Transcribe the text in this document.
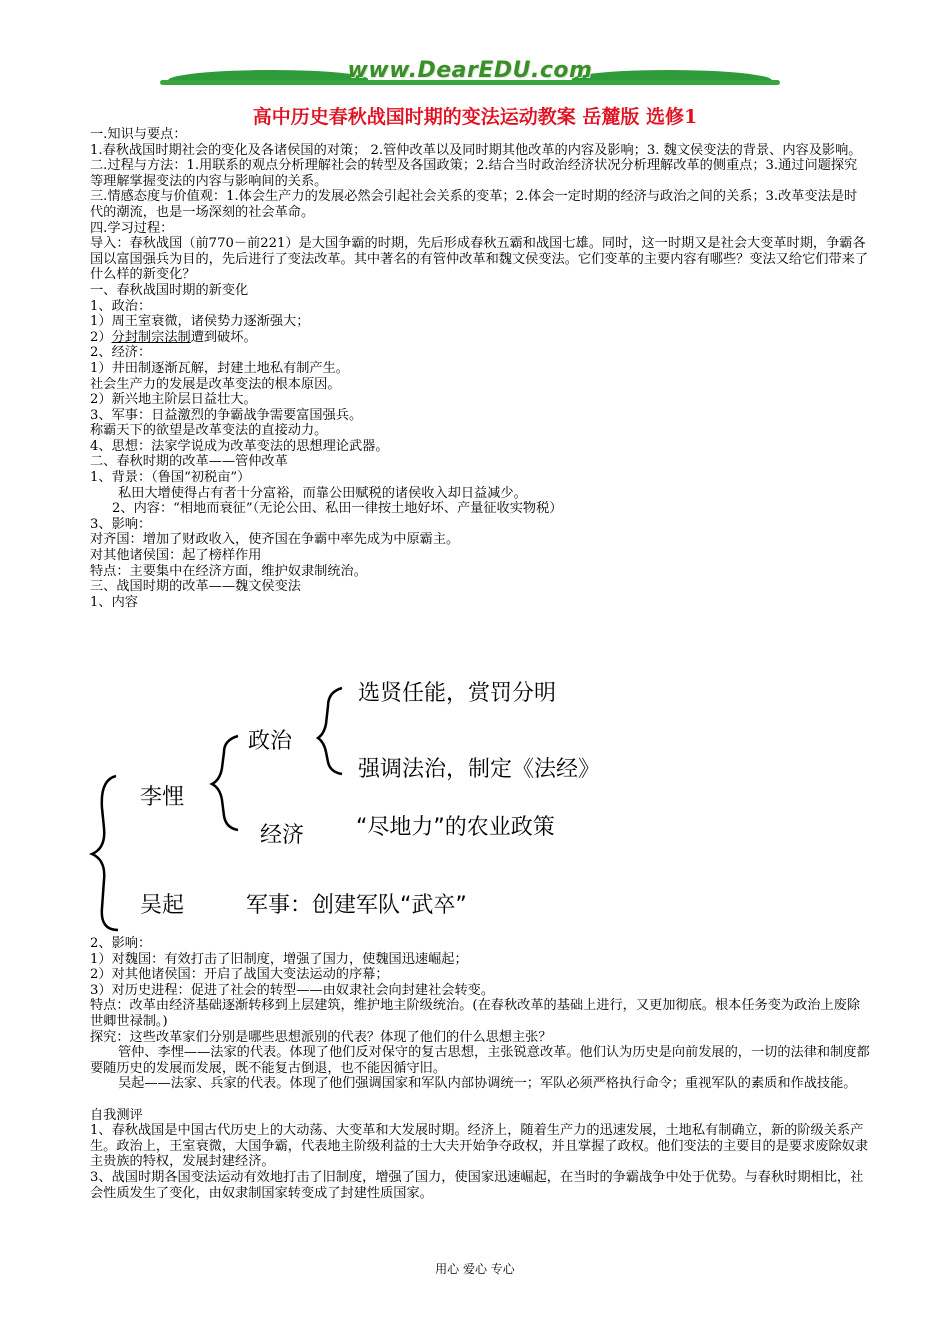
www.DearEDU.com
高中历史春秋战国时期的变法运动教案 岳麓版 选修1

一.知识与要点：

1.春秋战国时期社会的变化及各诸侯国的对策； 2.管仲改革以及同时期其他改革的内容及影响；3. 魏文侯变法的背景、内容及影响。

二.过程与方法：1.用联系的观点分析理解社会的转型及各国政策；2.结合当时政治经济状况分析理解改革的侧重点；3.通过问题探究等理解掌握变法的内容与影响间的关系。

三.情感态度与价值观：1.体会生产力的发展必然会引起社会关系的变革；2.体会一定时期的经济与政治之间的关系；3.改革变法是时代的潮流，也是一场深刻的社会革命。

四.学习过程：

导入：春秋战国（前770－前221）是大国争霸的时期，先后形成春秋五霸和战国七雄。同时，这一时期又是社会大变革时期，争霸各国以富国强兵为目的，先后进行了变法改革。其中著名的有管仲改革和魏文侯变法。它们变革的主要内容有哪些？变法又给它们带来了什么样的新变化？

一、春秋战国时期的新变化

1、政治：

1）周王室衰微，诸侯势力逐渐强大；

2）分封制宗法制遭到破坏。

2、经济：

1）井田制逐渐瓦解，封建土地私有制产生。

社会生产力的发展是改革变法的根本原因。

2）新兴地主阶层日益壮大。

3、军事：日益激烈的争霸战争需要富国强兵。

称霸天下的欲望是改革变法的直接动力。

4、思想：法家学说成为改革变法的思想理论武器。

二、春秋时期的改革——管仲改革

1、背景：（鲁国“初税亩”）

私田大增使得占有者十分富裕，而靠公田赋税的诸侯收入却日益减少。

2、内容：“相地而衰征”（无论公田、私田一律按土地好坏、产量征收实物税）

3、影响：

对齐国：增加了财政收入，使齐国在争霸中率先成为中原霸主。

对其他诸侯国：起了榜样作用

特点：主要集中在经济方面，维护奴隶制统治。

三、战国时期的改革——魏文侯变法

1、内容

李悝
政治
选贤任能，赏罚分明
强调法治，制定《法经》
经济 “尽地力”的农业政策
吴起	军事：创建军队“武卒”

2、影响：

1）对魏国：有效打击了旧制度，增强了国力，使魏国迅速崛起；

2）对其他诸侯国：开启了战国大变法运动的序幕；

3）对历史进程：促进了社会的转型——由奴隶社会向封建社会转变。

特点：改革由经济基础逐渐转移到上层建筑，维护地主阶级统治。(在春秋改革的基础上进行，又更加彻底。根本任务变为政治上废除世卿世禄制。)

探究：这些改革家们分别是哪些思想派别的代表？体现了他们的什么思想主张？

管仲、李悝——法家的代表。体现了他们反对保守的复古思想，主张锐意改革。他们认为历史是向前发展的，一切的法律和制度都要随历史的发展而发展，既不能复古倒退，也不能因循守旧。

吴起——法家、兵家的代表。体现了他们强调国家和军队内部协调统一；军队必须严格执行命令；重视军队的素质和作战技能。

自我测评

1、春秋战国是中国古代历史上的大动荡、大变革和大发展时期。经济上，随着生产力的迅速发展，土地私有制确立，新的阶级关系产生。政治上，王室衰微，大国争霸，代表地主阶级利益的士大夫开始争夺政权，并且掌握了政权。他们变法的主要目的是要求废除奴隶主贵族的特权，发展封建经济。

3、战国时期各国变法运动有效地打击了旧制度，增强了国力，使国家迅速崛起，在当时的争霸战争中处于优势。与春秋时期相比，社会性质发生了变化，由奴隶制国家转变成了封建性质国家。

用心 爱心 专心
